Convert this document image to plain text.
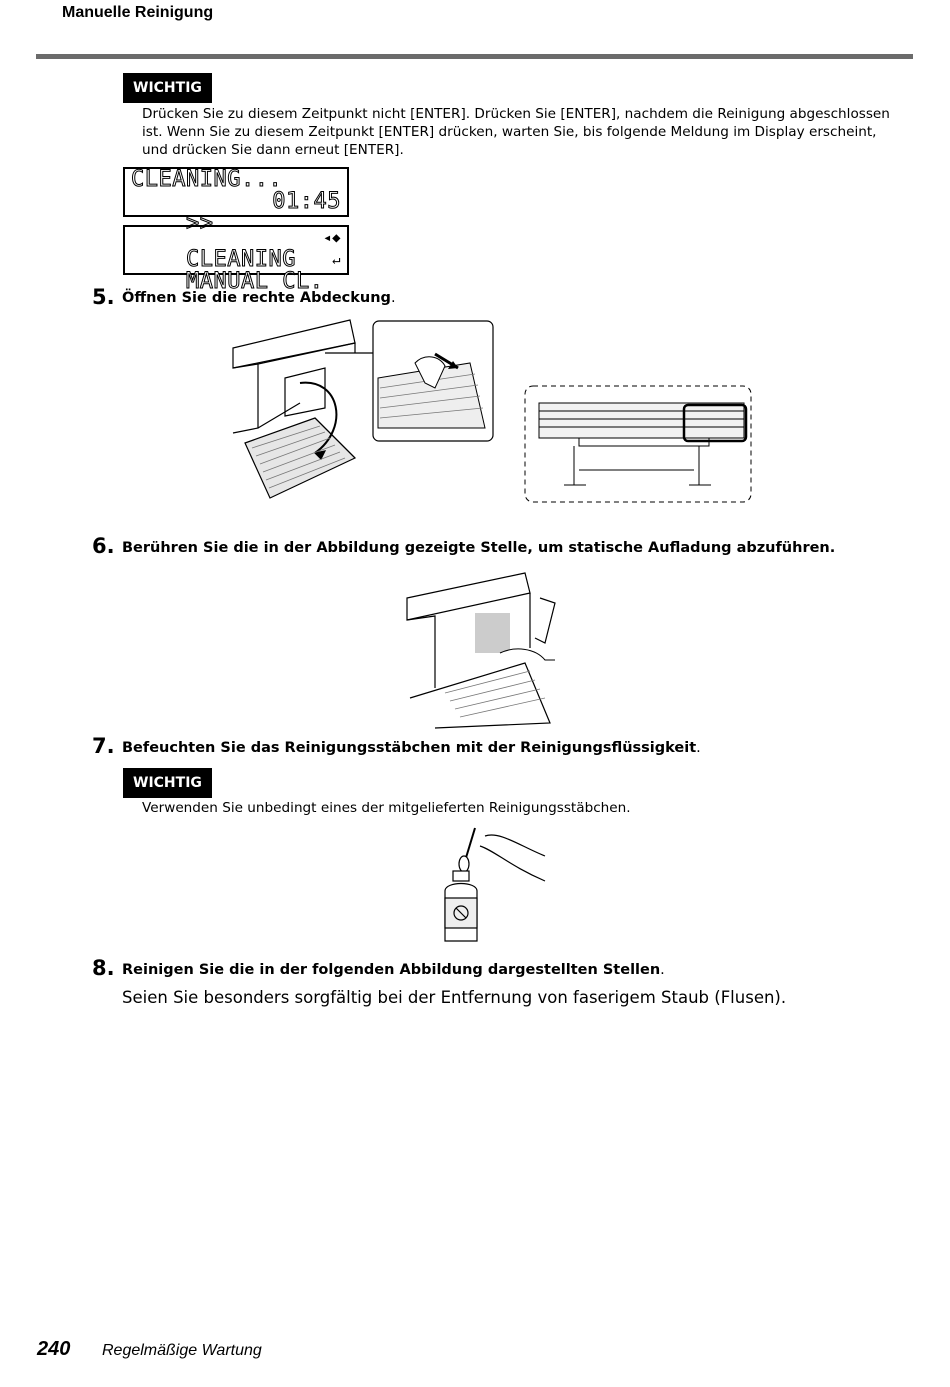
Manuelle Reinigung
WICHTIG
Drücken Sie zu diesem Zeitpunkt nicht [ENTER]. Drücken Sie [ENTER], nachdem die Reinigung abgeschlossen
ist. Wenn Sie zu diesem Zeitpunkt [ENTER] drücken, warten Sie, bis folgende Meldung im Display erscheint,
und drücken Sie dann erneut [ENTER].
CLEANING...

>>

01:45

CLEANING

◂◆

MANUAL CL.

↵

5. Öffnen Sie die rechte Abdeckung.
6. Berühren Sie die in der Abbildung gezeigte Stelle, um statische Aufladung abzuführen.
7. Befeuchten Sie das Reinigungsstäbchen mit der Reinigungsflüssigkeit.
WICHTIG
Verwenden Sie unbedingt eines der mitgelieferten Reinigungsstäbchen.
8. Reinigen Sie die in der folgenden Abbildung dargestellten Stellen.
Seien Sie besonders sorgfältig bei der Entfernung von faserigem Staub (Flusen).
240 Regelmäßige Wartung
